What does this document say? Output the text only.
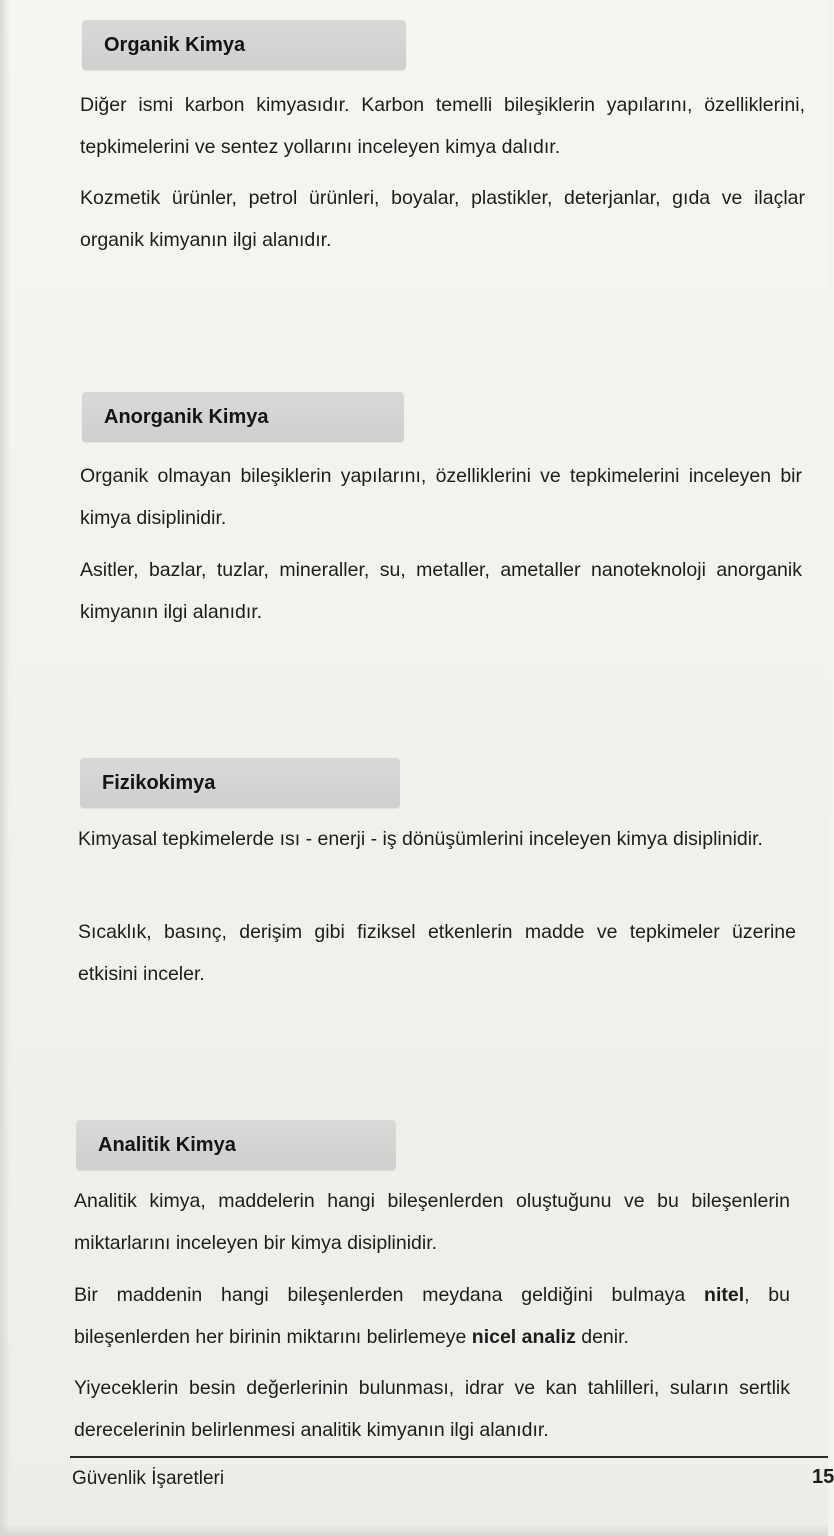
Organik Kimya

Diğer ismi karbon kimyasıdır. Karbon temelli bileşiklerin yapılarını, özelliklerini, tepkimelerini ve sentez yollarını inceleyen kimya dalıdır.

Kozmetik ürünler, petrol ürünleri, boyalar, plastikler, deterjanlar, gıda ve ilaçlar organik kimyanın ilgi alanıdır.

Anorganik Kimya

Organik olmayan bileşiklerin yapılarını, özelliklerini ve tepkimelerini inceleyen bir kimya disiplinidir.

Asitler, bazlar, tuzlar, mineraller, su, metaller, ametaller nanoteknoloji anorganik kimyanın ilgi alanıdır.

Fizikokimya

Kimyasal tepkimelerde ısı - enerji - iş dönüşümlerini inceleyen kimya disiplinidir.

Sıcaklık, basınç, derişim gibi fiziksel etkenlerin madde ve tepkimeler üzerine etkisini inceler.

Analitik Kimya

Analitik kimya, maddelerin hangi bileşenlerden oluştuğunu ve bu bileşenlerin miktarlarını inceleyen bir kimya disiplinidir.

Bir maddenin hangi bileşenlerden meydana geldiğini bulmaya nitel, bu bileşenlerden her birinin miktarını belirlemeye nicel analiz denir.

Yiyeceklerin besin değerlerinin bulunması, idrar ve kan tahlilleri, suların sertlik derecelerinin belirlenmesi analitik kimyanın ilgi alanıdır.

Güvenlik İşaretleri	15
